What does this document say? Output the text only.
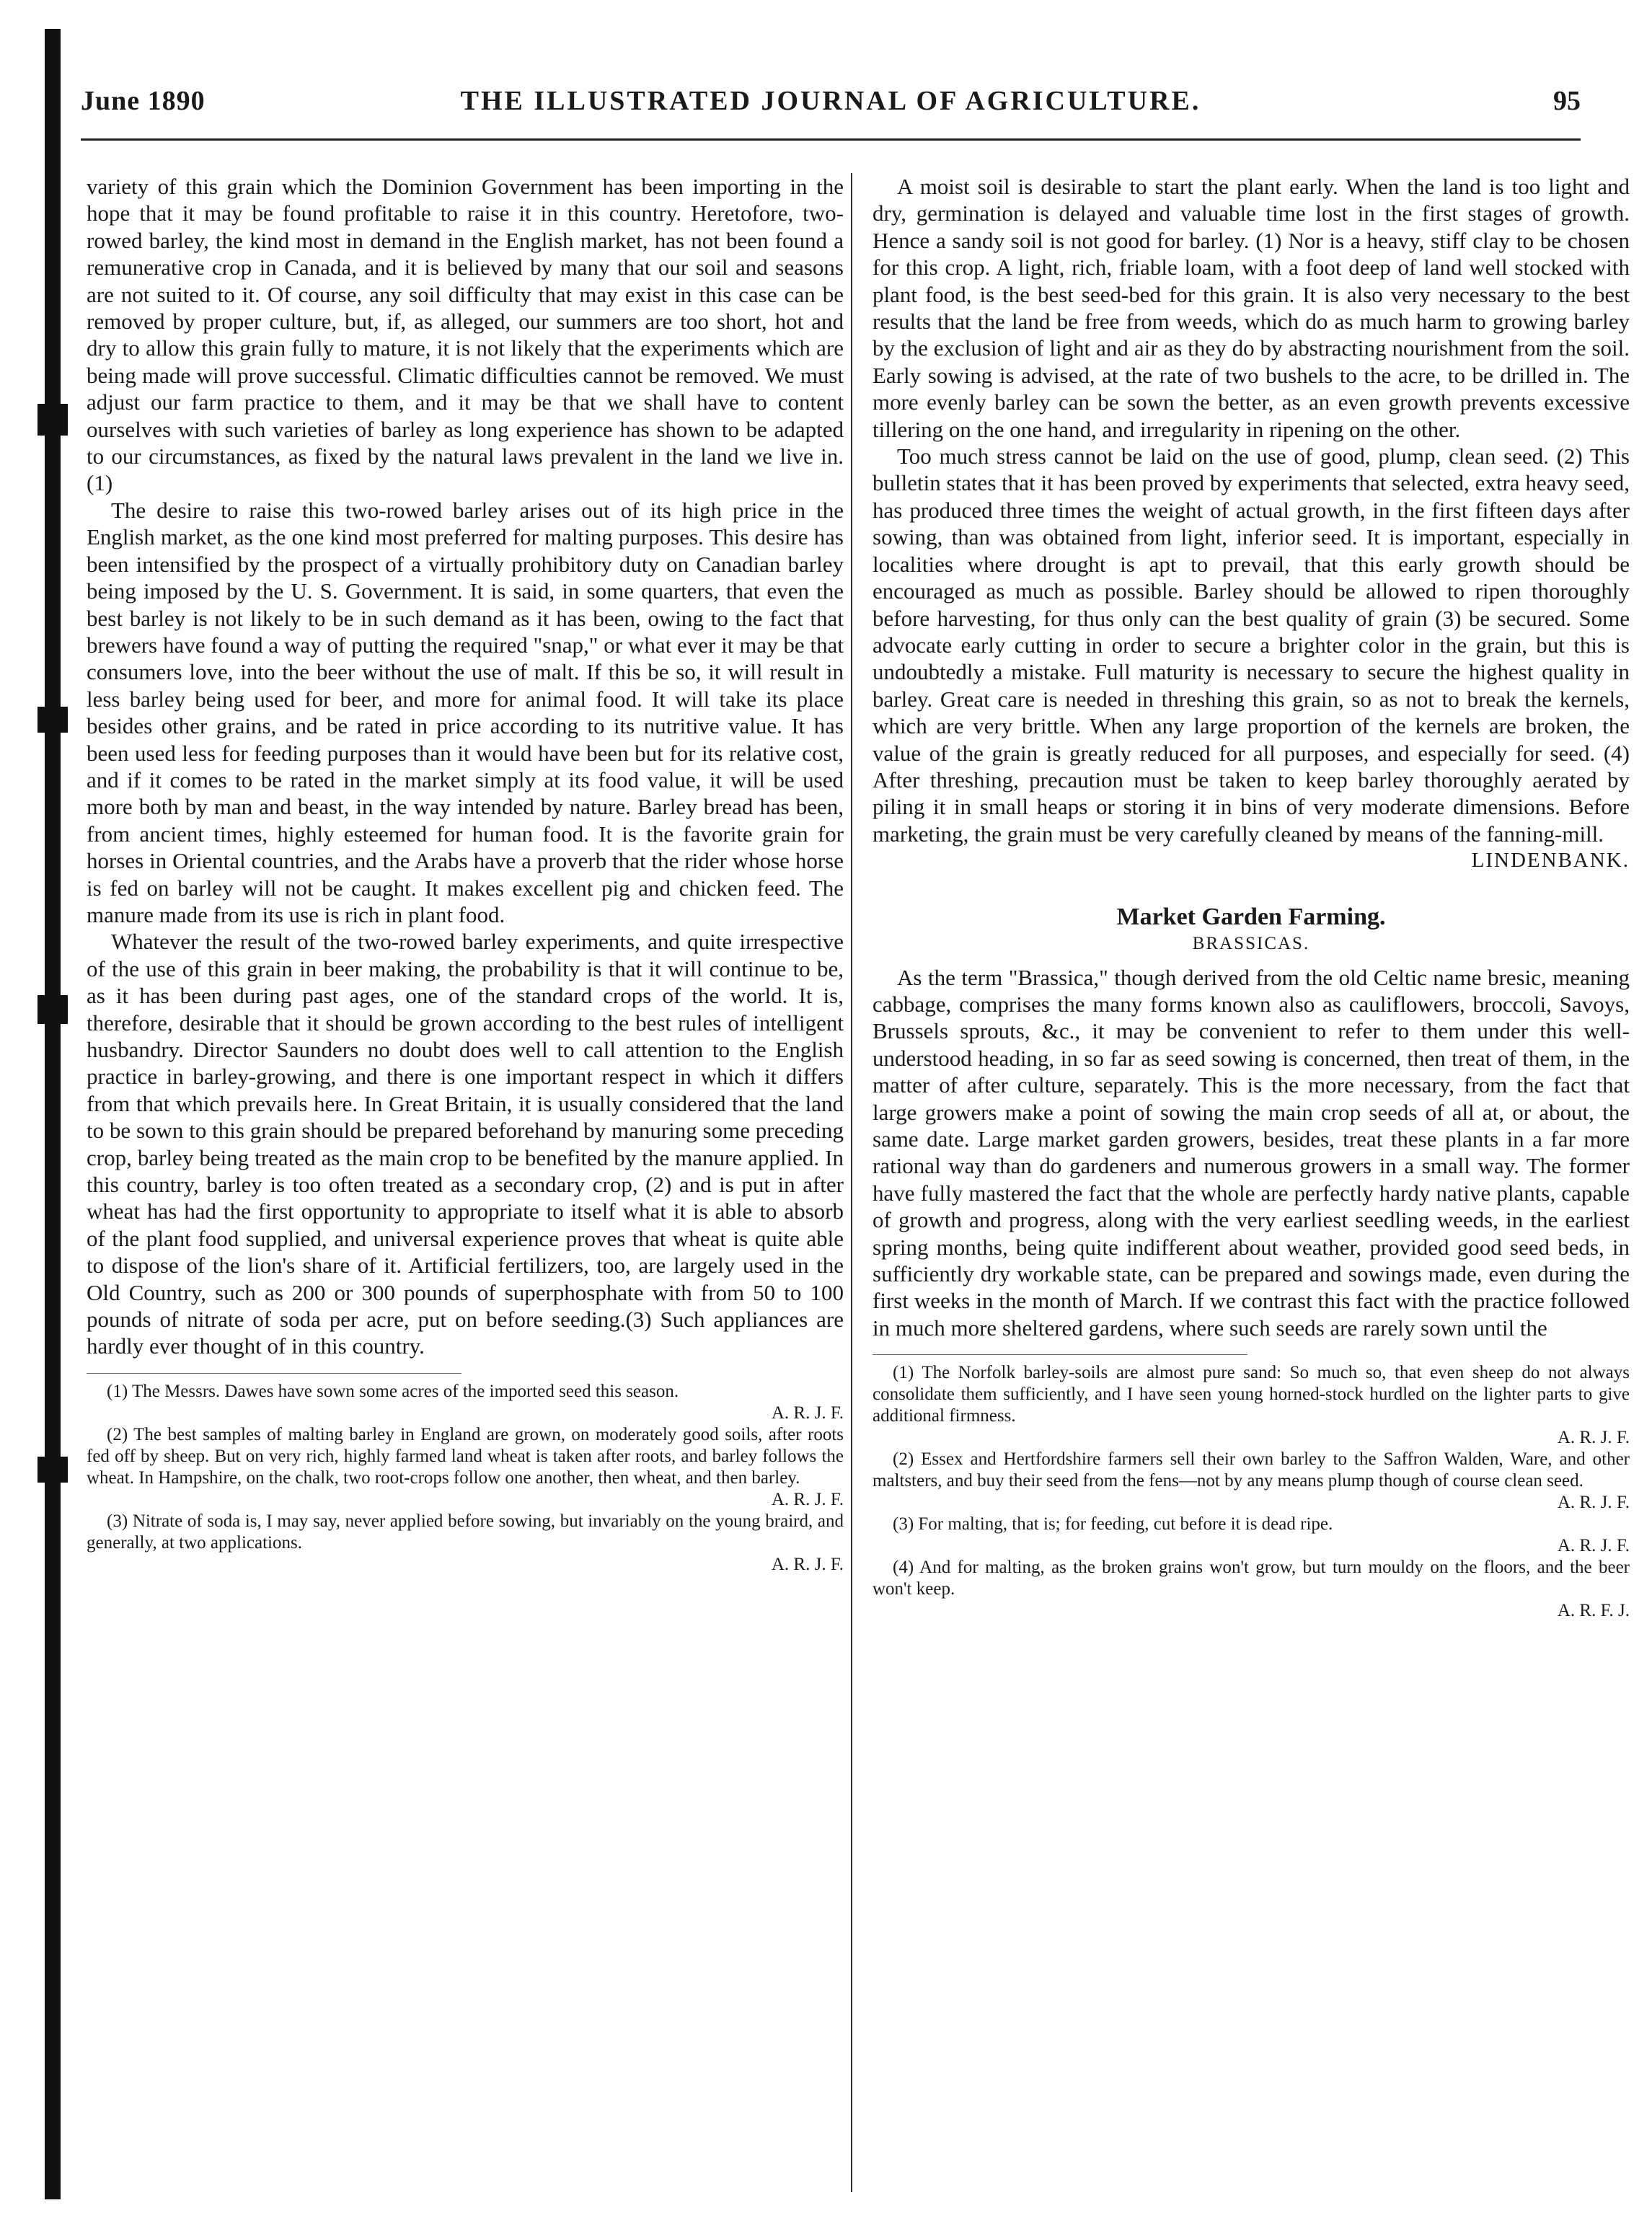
June 1890	THE ILLUSTRATED JOURNAL OF AGRICULTURE.	95

variety of this grain which the Dominion Government has been importing in the hope that it may be found profitable to raise it in this country. Heretofore, two-rowed barley, the kind most in demand in the English market, has not been found a remunerative crop in Canada, and it is believed by many that our soil and seasons are not suited to it. Of course, any soil difficulty that may exist in this case can be removed by proper culture, but, if, as alleged, our summers are too short, hot and dry to allow this grain fully to mature, it is not likely that the experiments which are being made will prove successful. Climatic difficulties cannot be removed. We must adjust our farm practice to them, and it may be that we shall have to content ourselves with such varieties of barley as long experience has shown to be adapted to our circumstances, as fixed by the natural laws prevalent in the land we live in. (1)

The desire to raise this two-rowed barley arises out of its high price in the English market, as the one kind most preferred for malting purposes. This desire has been intensified by the prospect of a virtually prohibitory duty on Canadian barley being imposed by the U. S. Government. It is said, in some quarters, that even the best barley is not likely to be in such demand as it has been, owing to the fact that brewers have found a way of putting the required "snap," or what ever it may be that consumers love, into the beer without the use of malt. If this be so, it will result in less barley being used for beer, and more for animal food. It will take its place besides other grains, and be rated in price according to its nutritive value. It has been used less for feeding purposes than it would have been but for its relative cost, and if it comes to be rated in the market simply at its food value, it will be used more both by man and beast, in the way intended by nature. Barley bread has been, from ancient times, highly esteemed for human food. It is the favorite grain for horses in Oriental countries, and the Arabs have a proverb that the rider whose horse is fed on barley will not be caught. It makes excellent pig and chicken feed. The manure made from its use is rich in plant food.

Whatever the result of the two-rowed barley experiments, and quite irrespective of the use of this grain in beer making, the probability is that it will continue to be, as it has been during past ages, one of the standard crops of the world. It is, therefore, desirable that it should be grown according to the best rules of intelligent husbandry. Director Saunders no doubt does well to call attention to the English practice in barley-growing, and there is one important respect in which it differs from that which prevails here. In Great Britain, it is usually considered that the land to be sown to this grain should be prepared beforehand by manuring some preceding crop, barley being treated as the main crop to be benefited by the manure applied. In this country, barley is too often treated as a secondary crop, (2) and is put in after wheat has had the first opportunity to appropriate to itself what it is able to absorb of the plant food supplied, and universal experience proves that wheat is quite able to dispose of the lion's share of it. Artificial fertilizers, too, are largely used in the Old Country, such as 200 or 300 pounds of superphosphate with from 50 to 100 pounds of nitrate of soda per acre, put on before seeding.(3) Such appliances are hardly ever thought of in this country.

(1) The Messrs. Dawes have sown some acres of the imported seed this season.
A. R. J. F.

(2) The best samples of malting barley in England are grown, on moderately good soils, after roots fed off by sheep. But on very rich, highly farmed land wheat is taken after roots, and barley follows the wheat. In Hampshire, on the chalk, two root-crops follow one another, then wheat, and then barley.
A. R. J. F.

(3) Nitrate of soda is, I may say, never applied before sowing, but invariably on the young braird, and generally, at two applications.
A. R. J. F.

A moist soil is desirable to start the plant early. When the land is too light and dry, germination is delayed and valuable time lost in the first stages of growth. Hence a sandy soil is not good for barley. (1) Nor is a heavy, stiff clay to be chosen for this crop. A light, rich, friable loam, with a foot deep of land well stocked with plant food, is the best seed-bed for this grain. It is also very necessary to the best results that the land be free from weeds, which do as much harm to growing barley by the exclusion of light and air as they do by abstracting nourishment from the soil. Early sowing is advised, at the rate of two bushels to the acre, to be drilled in. The more evenly barley can be sown the better, as an even growth prevents excessive tillering on the one hand, and irregularity in ripening on the other.

Too much stress cannot be laid on the use of good, plump, clean seed. (2) This bulletin states that it has been proved by experiments that selected, extra heavy seed, has produced three times the weight of actual growth, in the first fifteen days after sowing, than was obtained from light, inferior seed. It is important, especially in localities where drought is apt to prevail, that this early growth should be encouraged as much as possible. Barley should be allowed to ripen thoroughly before harvesting, for thus only can the best quality of grain (3) be secured. Some advocate early cutting in order to secure a brighter color in the grain, but this is undoubtedly a mistake. Full maturity is necessary to secure the highest quality in barley. Great care is needed in threshing this grain, so as not to break the kernels, which are very brittle. When any large proportion of the kernels are broken, the value of the grain is greatly reduced for all purposes, and especially for seed. (4) After threshing, precaution must be taken to keep barley thoroughly aerated by piling it in small heaps or storing it in bins of very moderate dimensions. Before marketing, the grain must be very carefully cleaned by means of the fanning-mill.

LINDENBANK.

Market Garden Farming.

BRASSICAS.

As the term "Brassica," though derived from the old Celtic name bresic, meaning cabbage, comprises the many forms known also as cauliflowers, broccoli, Savoys, Brussels sprouts, &c., it may be convenient to refer to them under this well-understood heading, in so far as seed sowing is concerned, then treat of them, in the matter of after culture, separately. This is the more necessary, from the fact that large growers make a point of sowing the main crop seeds of all at, or about, the same date. Large market garden growers, besides, treat these plants in a far more rational way than do gardeners and numerous growers in a small way. The former have fully mastered the fact that the whole are perfectly hardy native plants, capable of growth and progress, along with the very earliest seedling weeds, in the earliest spring months, being quite indifferent about weather, provided good seed beds, in sufficiently dry workable state, can be prepared and sowings made, even during the first weeks in the month of March. If we contrast this fact with the practice followed in much more sheltered gardens, where such seeds are rarely sown until the

(1) The Norfolk barley-soils are almost pure sand: So much so, that even sheep do not always consolidate them sufficiently, and I have seen young horned-stock hurdled on the lighter parts to give additional firmness.
A. R. J. F.

(2) Essex and Hertfordshire farmers sell their own barley to the Saffron Walden, Ware, and other maltsters, and buy their seed from the fens—not by any means plump though of course clean seed.
A. R. J. F.

(3) For malting, that is; for feeding, cut before it is dead ripe.
A. R. J. F.

(4) And for malting, as the broken grains won't grow, but turn mouldy on the floors, and the beer won't keep.
A. R. F. J.
